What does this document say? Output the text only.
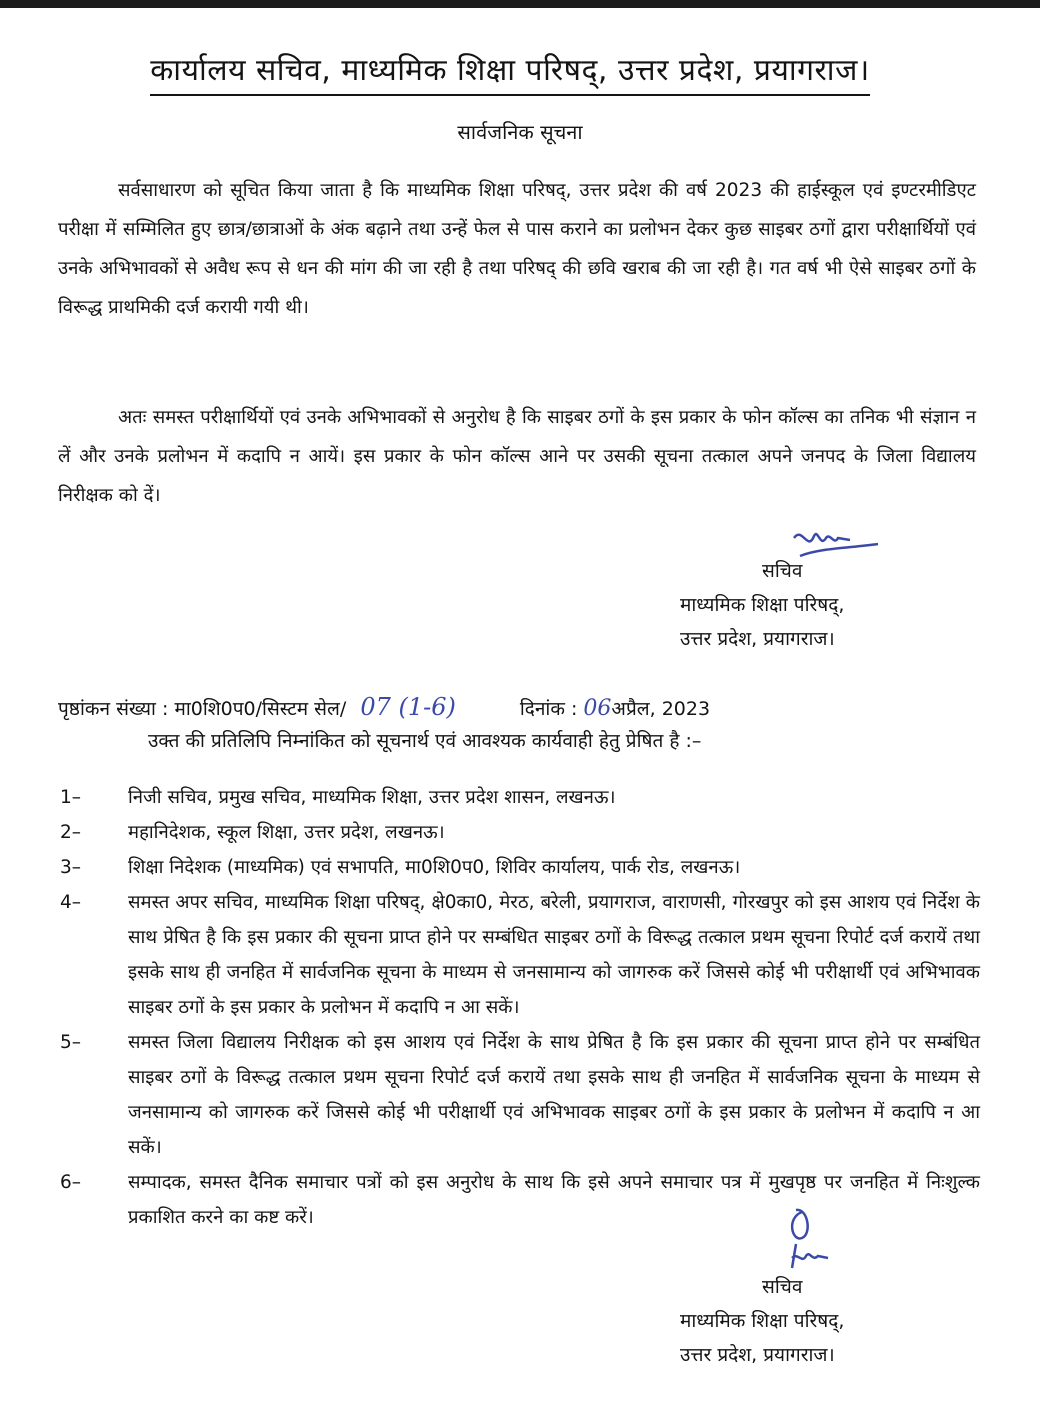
कार्यालय सचिव, माध्यमिक शिक्षा परिषद्, उत्तर प्रदेश, प्रयागराज।
सार्वजनिक सूचना
सर्वसाधारण को सूचित किया जाता है कि माध्यमिक शिक्षा परिषद्, उत्तर प्रदेश की वर्ष 2023 की हाईस्कूल एवं इण्टरमीडिएट परीक्षा में सम्मिलित हुए छात्र/छात्राओं के अंक बढ़ाने तथा उन्हें फेल से पास कराने का प्रलोभन देकर कुछ साइबर ठगों द्वारा परीक्षार्थियों एवं उनके अभिभावकों से अवैध रूप से धन की मांग की जा रही है तथा परिषद् की छवि खराब की जा रही है। गत वर्ष भी ऐसे साइबर ठगों के विरूद्ध प्राथमिकी दर्ज करायी गयी थी।
अतः समस्त परीक्षार्थियों एवं उनके अभिभावकों से अनुरोध है कि साइबर ठगों के इस प्रकार के फोन कॉल्स का तनिक भी संज्ञान न लें और उनके प्रलोभन में कदापि न आयें। इस प्रकार के फोन कॉल्स आने पर उसकी सूचना तत्काल अपने जनपद के जिला विद्यालय निरीक्षक को दें।
सचिव
माध्यमिक शिक्षा परिषद्,
उत्तर प्रदेश, प्रयागराज।
पृष्ठांकन संख्या : मा0शि0प0/सिस्टम सेल/ 07 (1-6)	दिनांक : 06अप्रैल, 2023
उक्त की प्रतिलिपि निम्नांकित को सूचनार्थ एवं आवश्यक कार्यवाही हेतु प्रेषित है :–
1–	निजी सचिव, प्रमुख सचिव, माध्यमिक शिक्षा, उत्तर प्रदेश शासन, लखनऊ।
2–	महानिदेशक, स्कूल शिक्षा, उत्तर प्रदेश, लखनऊ।
3–	शिक्षा निदेशक (माध्यमिक) एवं सभापति, मा0शि0प0, शिविर कार्यालय, पार्क रोड, लखनऊ।
4–	समस्त अपर सचिव, माध्यमिक शिक्षा परिषद्, क्षे0का0, मेरठ, बरेली, प्रयागराज, वाराणसी, गोरखपुर को इस आशय एवं निर्देश के साथ प्रेषित है कि इस प्रकार की सूचना प्राप्त होने पर सम्बंधित साइबर ठगों के विरूद्ध तत्काल प्रथम सूचना रिपोर्ट दर्ज करायें तथा इसके साथ ही जनहित में सार्वजनिक सूचना के माध्यम से जनसामान्य को जागरुक करें जिससे कोई भी परीक्षार्थी एवं अभिभावक साइबर ठगों के इस प्रकार के प्रलोभन में कदापि न आ सकें।
5–	समस्त जिला विद्यालय निरीक्षक को इस आशय एवं निर्देश के साथ प्रेषित है कि इस प्रकार की सूचना प्राप्त होने पर सम्बंधित साइबर ठगों के विरूद्ध तत्काल प्रथम सूचना रिपोर्ट दर्ज करायें तथा इसके साथ ही जनहित में सार्वजनिक सूचना के माध्यम से जनसामान्य को जागरुक करें जिससे कोई भी परीक्षार्थी एवं अभिभावक साइबर ठगों के इस प्रकार के प्रलोभन में कदापि न आ सकें।
6–	सम्पादक, समस्त दैनिक समाचार पत्रों को इस अनुरोध के साथ कि इसे अपने समाचार पत्र में मुखपृष्ठ पर जनहित में निःशुल्क प्रकाशित करने का कष्ट करें।
सचिव
माध्यमिक शिक्षा परिषद्,
उत्तर प्रदेश, प्रयागराज।
